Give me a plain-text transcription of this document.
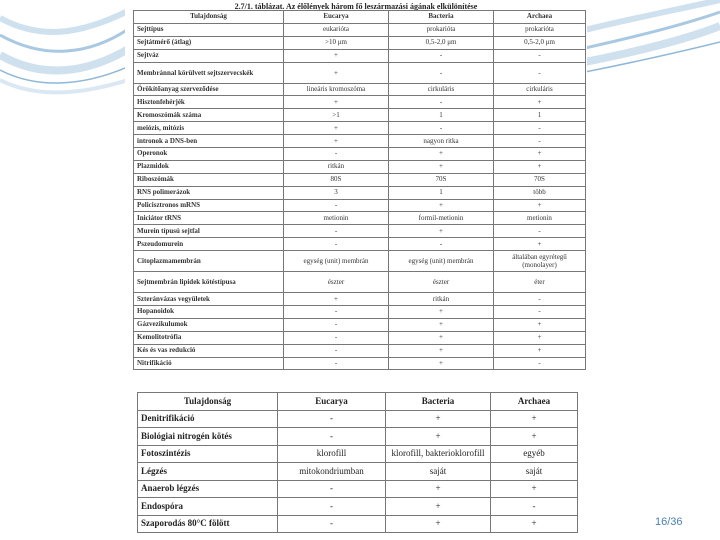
2.7/1. táblázat. Az élőlények három fő leszármazási ágának elkülönítése
Tulajdonság	Eucarya	Bacteria	Archaea
Sejttípus	eukarióta	prokarióta	prokarióta
Sejtátmérő (átlag)	>10 μm	0,5-2,0 μm	0,5-2,0 μm
Sejtváz	+	-	-
Membránnal körülvett sejtszervecskék	+	-	-
Örökítőanyag szerveződése	lineáris kromoszóma	cirkuláris	cirkuláris
Hisztonfehérjék	+	-	+
Kromoszómák száma	>1	1	1
meiózis, mitózis	+	-	-
intronok a DNS-ben	+	nagyon ritka	-
Operonok	-	+	+
Plazmidok	ritkán	+	+
Riboszómák	80S	70S	70S
RNS polimerázok	3	1	több
Policisztronos mRNS	-	+	+
Iniciátor tRNS	metionin	formil-metionin	metionin
Murein típusú sejtfal	-	+	-
Pszeudomurein	-	-	+
Citoplazmamembrán	egység (unit) membrán	egység (unit) membrán	általában egyrétegű (monolayer)
Sejtmembrán lipidek kötéstípusa	észter	észter	éter
Szteránvázas vegyületek	+	ritkán	-
Hopanoidok	-	+	-
Gázvezikulumok	-	+	+
Kemolitotrófia	-	+	+
Kés és vas redukció	-	+	+
Nitrifikáció	-	+	-
Tulajdonság	Eucarya	Bacteria	Archaea
Denitrifikáció	-	+	+
Biológiai nitrogén kötés	-	+	+
Fotoszintézis	klorofill	klorofill, bakterioklorofill	egyéb
Légzés	mitokondriumban	saját	saját
Anaerob légzés	-	+	+
Endospóra	-	+	-
Szaporodás 80°C fölött	-	+	+	16/36
